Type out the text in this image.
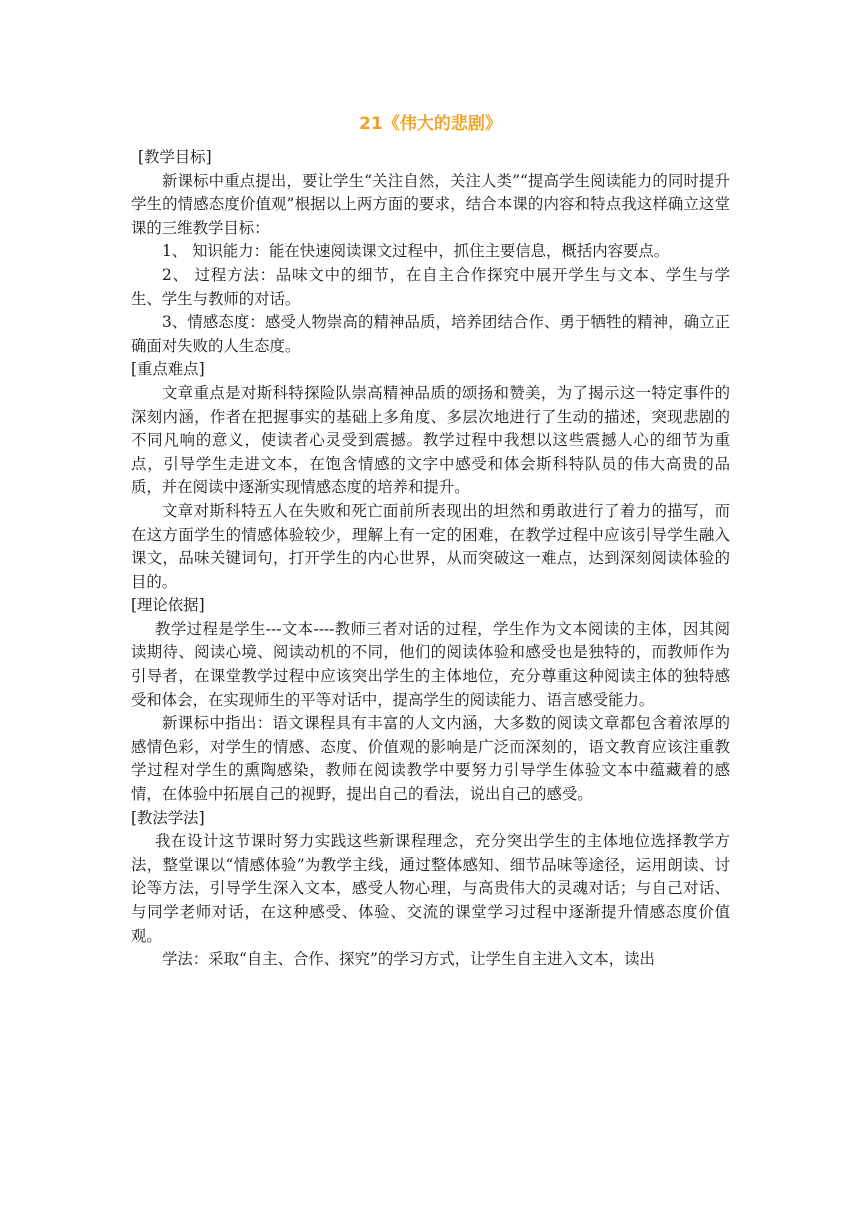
21《伟大的悲剧》

[教学目标]

新课标中重点提出，要让学生“关注自然，关注人类”“提高学生阅读能力的同时提升学生的情感态度价值观”根据以上两方面的要求，结合本课的内容和特点我这样确立这堂课的三维教学目标：

1、 知识能力：能在快速阅读课文过程中，抓住主要信息，概括内容要点。

2、 过程方法：品味文中的细节，在自主合作探究中展开学生与文本、学生与学生、学生与教师的对话。

3、情感态度：感受人物崇高的精神品质，培养团结合作、勇于牺牲的精神，确立正确面对失败的人生态度。

[重点难点]

文章重点是对斯科特探险队崇高精神品质的颂扬和赞美，为了揭示这一特定事件的深刻内涵，作者在把握事实的基础上多角度、多层次地进行了生动的描述，突现悲剧的不同凡响的意义，使读者心灵受到震撼。教学过程中我想以这些震撼人心的细节为重点，引导学生走进文本，在饱含情感的文字中感受和体会斯科特队员的伟大高贵的品质，并在阅读中逐渐实现情感态度的培养和提升。

文章对斯科特五人在失败和死亡面前所表现出的坦然和勇敢进行了着力的描写，而在这方面学生的情感体验较少，理解上有一定的困难，在教学过程中应该引导学生融入课文，品味关键词句，打开学生的内心世界，从而突破这一难点，达到深刻阅读体验的目的。

[理论依据]

教学过程是学生---文本----教师三者对话的过程，学生作为文本阅读的主体，因其阅读期待、阅读心境、阅读动机的不同，他们的阅读体验和感受也是独特的，而教师作为引导者，在课堂教学过程中应该突出学生的主体地位，充分尊重这种阅读主体的独特感受和体会，在实现师生的平等对话中，提高学生的阅读能力、语言感受能力。

新课标中指出：语文课程具有丰富的人文内涵，大多数的阅读文章都包含着浓厚的感情色彩，对学生的情感、态度、价值观的影响是广泛而深刻的，语文教育应该注重教学过程对学生的熏陶感染，教师在阅读教学中要努力引导学生体验文本中蕴藏着的感情，在体验中拓展自己的视野，提出自己的看法，说出自己的感受。

[教法学法]

我在设计这节课时努力实践这些新课程理念，充分突出学生的主体地位选择教学方法，整堂课以“情感体验”为教学主线，通过整体感知、细节品味等途径，运用朗读、讨论等方法，引导学生深入文本，感受人物心理，与高贵伟大的灵魂对话；与自己对话、与同学老师对话，在这种感受、体验、交流的课堂学习过程中逐渐提升情感态度价值观。

学法：采取“自主、合作、探究”的学习方式，让学生自主进入文本，读出
